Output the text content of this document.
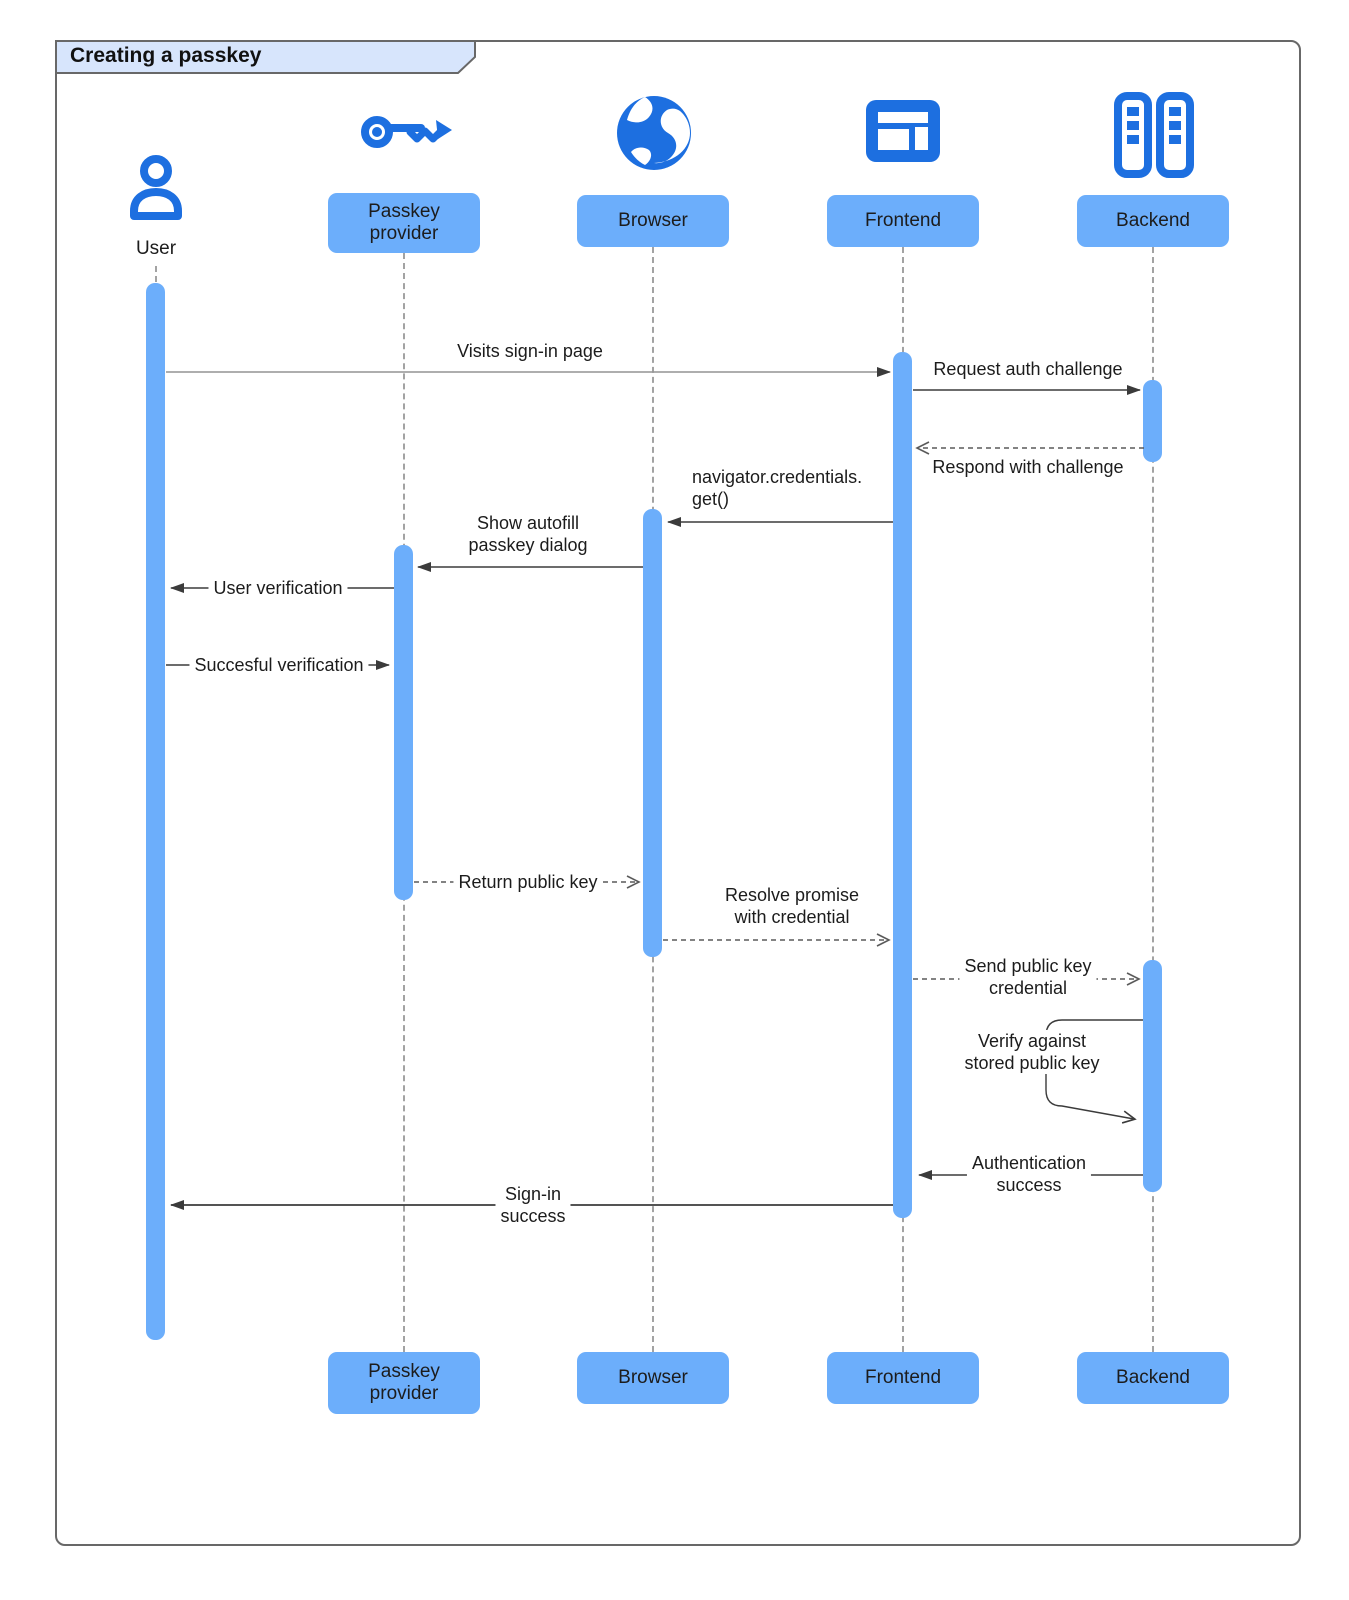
Creating a passkey
User
Passkey provider
Browser	Frontend	Backend
Visits sign-in page
Request auth challenge
Respond with challenge
navigator.credentials.
get()
Show autofill
passkey dialog
User verification
Succesful verification
Return public key
Resolve promise
with credential
Send public key
credential
Verify against
stored public key
Authentication
success
Sign-in
success
Passkey provider
Browser	Frontend	Backend
